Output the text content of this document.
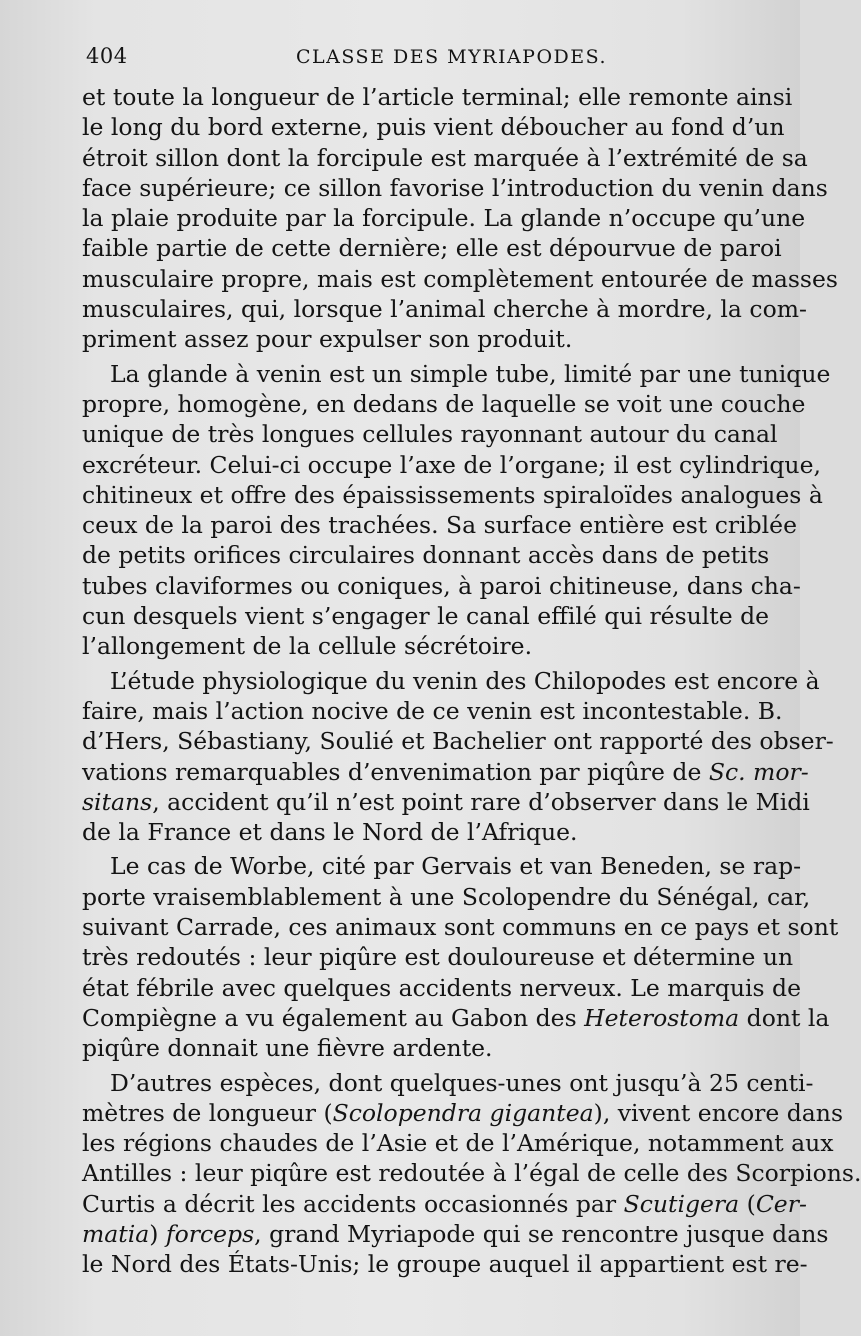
404	CLASSE DES MYRIAPODES.
et toute la longueur de l’article terminal; elle remonte ainsi
le long du bord externe, puis vient déboucher au fond d’un
étroit sillon dont la forcipule est marquée à l’extrémité de sa
face supérieure; ce sillon favorise l’introduction du venin dans
la plaie produite par la forcipule. La glande n’occupe qu’une
faible partie de cette dernière; elle est dépourvue de paroi
musculaire propre, mais est complètement entourée de masses
musculaires, qui, lorsque l’animal cherche à mordre, la com-
priment assez pour expulser son produit.
La glande à venin est un simple tube, limité par une tunique
propre, homogène, en dedans de laquelle se voit une couche
unique de très longues cellules rayonnant autour du canal
excréteur. Celui-ci occupe l’axe de l’organe; il est cylindrique,
chitineux et offre des épaississements spiraloïdes analogues à
ceux de la paroi des trachées. Sa surface entière est criblée
de petits orifices circulaires donnant accès dans de petits
tubes claviformes ou coniques, à paroi chitineuse, dans cha-
cun desquels vient s’engager le canal effilé qui résulte de
l’allongement de la cellule sécrétoire.
L’étude physiologique du venin des Chilopodes est encore à
faire, mais l’action nocive de ce venin est incontestable. B.
d’Hers, Sébastiany, Soulié et Bachelier ont rapporté des obser-
vations remarquables d’envenimation par piqûre de Sc. mor-
sitans, accident qu’il n’est point rare d’observer dans le Midi
de la France et dans le Nord de l’Afrique.
Le cas de Worbe, cité par Gervais et van Beneden, se rap-
porte vraisemblablement à une Scolopendre du Sénégal, car,
suivant Carrade, ces animaux sont communs en ce pays et sont
très redoutés : leur piqûre est douloureuse et détermine un
état fébrile avec quelques accidents nerveux. Le marquis de
Compiègne a vu également au Gabon des Heterostoma dont la
piqûre donnait une fièvre ardente.
D’autres espèces, dont quelques-unes ont jusqu’à 25 centi-
mètres de longueur (Scolopendra gigantea), vivent encore dans
les régions chaudes de l’Asie et de l’Amérique, notamment aux
Antilles : leur piqûre est redoutée à l’égal de celle des Scorpions.
Curtis a décrit les accidents occasionnés par Scutigera (Cer-
matia) forceps, grand Myriapode qui se rencontre jusque dans
le Nord des États-Unis; le groupe auquel il appartient est re-
